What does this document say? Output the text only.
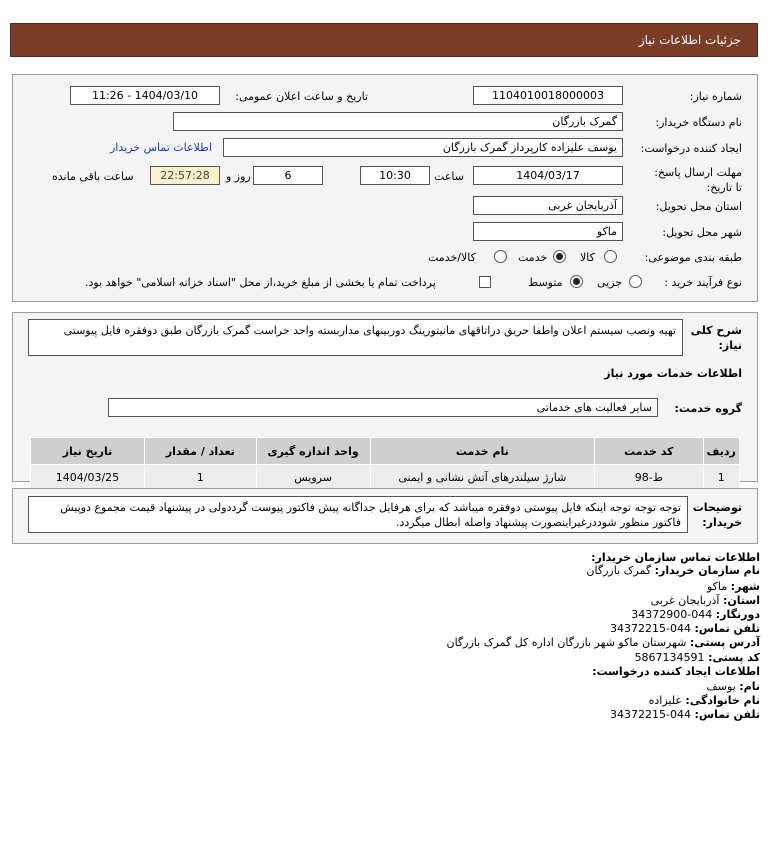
جزئیات اطلاعات نیاز
شماره نیاز:
1104010018000003
تاریخ و ساعت اعلان عمومی:
1404/03/10 - 11:26
نام دستگاه خریدار:
گمرک بازرگان
ایجاد کننده درخواست:
یوسف علیزاده کارپرداز گمرک بازرگان
اطلاعات تماس خریدار
مهلت ارسال پاسخ: تا تاریخ:
1404/03/17
ساعت
10:30
6
روز و
22:57:28
ساعت باقی مانده
استان محل تحویل:
آذربایجان غربی
شهر محل تحویل:
ماکو
طبقه بندی موضوعی:
کالا
خدمت
کالا/خدمت
نوع فرآیند خرید :
جزیی
متوسط
پرداخت تمام یا بخشی از مبلغ خرید،از محل "اسناد خزانه اسلامی" خواهد بود.
شرح کلی نیاز:
تهیه ونصب سیستم اعلان واطفا حریق دراتاقهای مانیتورینگ دوربینهای مداربسته واحد حراست گمرک بازرگان طبق دوفقره فایل پیوستی
اطلاعات خدمات مورد نیاز
گروه خدمت:
سایر فعالیت های خدماتی
ردیف	کد خدمت	نام خدمت	واحد اندازه گیری	تعداد / مقدار	تاریخ نیاز
1	ط-98	شارژ سیلندرهای آتش نشانی و ایمنی	سرویس	1	1404/03/25
توضیحات خریدار:
توجه توجه توجه اینکه فایل پیوستی دوفقره میباشد که برای هرفایل جداگانه پیش فاکتور پیوست گرددولی در پیشنهاد قیمت مجموع دوپیش فاکتور منظور شوددرغیراینصورت پیشنهاد واصله ابطال میگردد.
اطلاعات تماس سازمان خریدار:
نام سازمان خریدار: گمرک بازرگان
شهر: ماکو
استان: آذربایجان غربی
دورنگار: 044-34372900
تلفن تماس: 044-34372215
آدرس پستی: شهرستان ماکو شهر بازرگان اداره کل گمرک بازرگان
کد پستی: 5867134591
اطلاعات ایجاد کننده درخواست:
نام: یوسف
نام خانوادگی: علیزاده
تلفن تماس: 044-34372215
